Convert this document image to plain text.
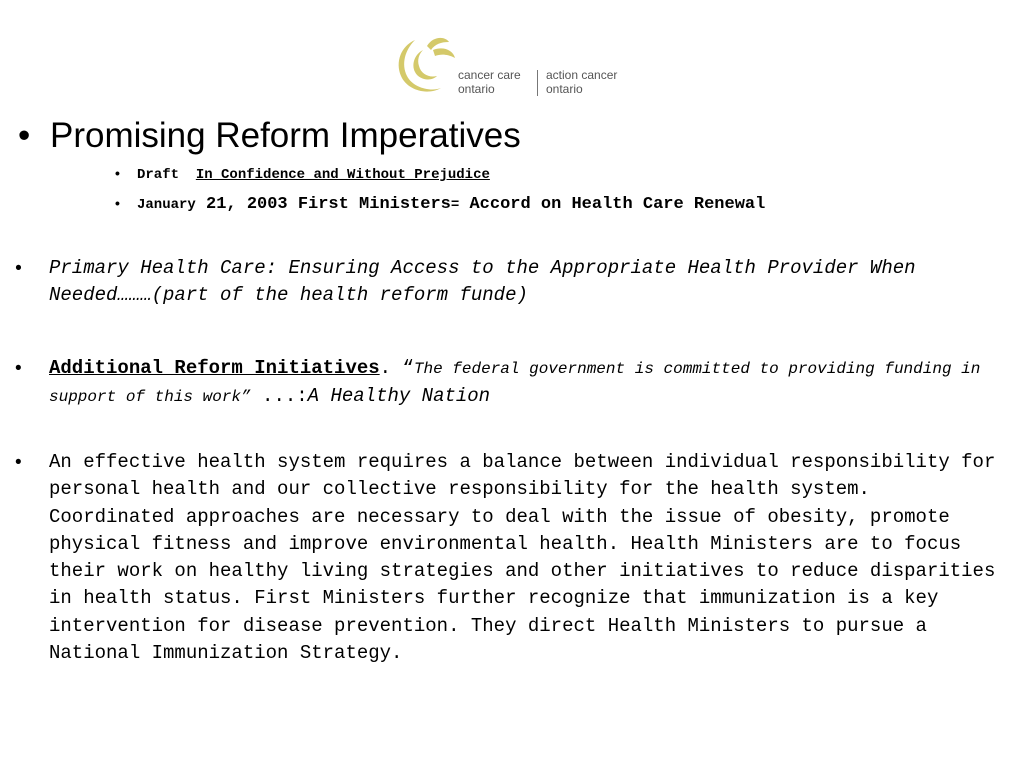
cancer care
ontario
action cancer
ontario
• Promising Reform Imperatives
• Draft In Confidence and Without Prejudice
• January 21, 2003 First Ministers= Accord on Health Care Renewal
• Primary Health Care: Ensuring Access to the Appropriate Health Provider When Needed………(part of the health reform funde)
• Additional Reform Initiatives. “The federal government is committed to providing funding in support of this work” ...:A Healthy Nation
• An effective health system requires a balance between individual responsibility for personal health and our collective responsibility for the health system. Coordinated approaches are necessary to deal with the issue of obesity, promote physical fitness and improve environmental health. Health Ministers are to focus their work on healthy living strategies and other initiatives to reduce disparities in health status. First Ministers further recognize that immunization is a key intervention for disease prevention. They direct Health Ministers to pursue a National Immunization Strategy.
